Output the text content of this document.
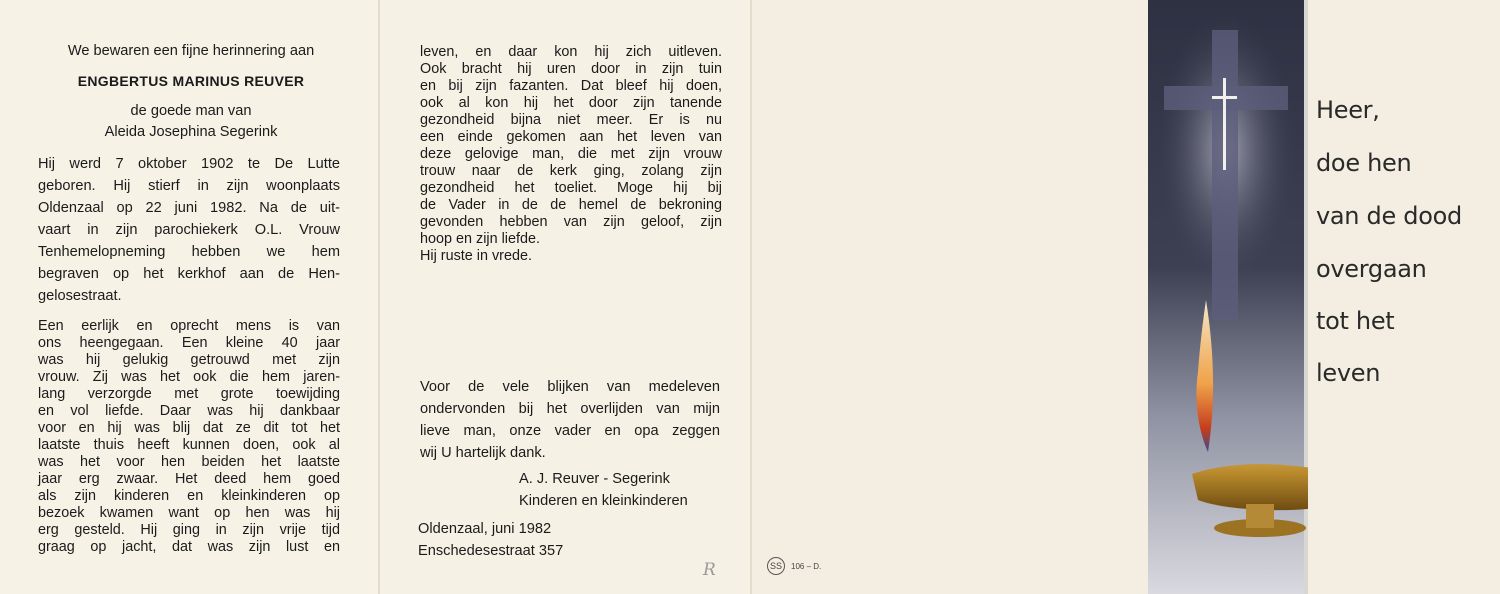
We bewaren een fijne herinnering aan

ENGBERTUS MARINUS REUVER

de goede man van

Aleida Josephina Segerink

Hij werd 7 oktober 1902 te De Lutte
geboren. Hij stierf in zijn woonplaats
Oldenzaal op 22 juni 1982. Na de uit-
vaart in zijn parochiekerk O.L. Vrouw
Tenhemelopneming hebben we hem
begraven op het kerkhof aan de Hen-
gelosestraat.
Een eerlijk en oprecht mens is van
ons heengegaan. Een kleine 40 jaar
was hij gelukig getrouwd met zijn
vrouw. Zij was het ook die hem jaren-
lang verzorgde met grote toewijding
en vol liefde. Daar was hij dankbaar
voor en hij was blij dat ze dit tot het
laatste thuis heeft kunnen doen, ook al
was het voor hen beiden het laatste
jaar erg zwaar. Het deed hem goed
als zijn kinderen en kleinkinderen op
bezoek kwamen want op hen was hij
erg gesteld. Hij ging in zijn vrije tijd
graag op jacht, dat was zijn lust en
leven, en daar kon hij zich uitleven.
Ook bracht hij uren door in zijn tuin
en bij zijn fazanten. Dat bleef hij doen,
ook al kon hij het door zijn tanende
gezondheid bijna niet meer. Er is nu
een einde gekomen aan het leven van
deze gelovige man, die met zijn vrouw
trouw naar de kerk ging, zolang zijn
gezondheid het toeliet. Moge hij bij
de Vader in de de hemel de bekroning
gevonden hebben van zijn geloof, zijn
hoop en zijn liefde.
Hij ruste in vrede.
Voor de vele blijken van medeleven
ondervonden bij het overlijden van mijn
lieve man, onze vader en opa zeggen
wij U hartelijk dank.

A. J. Reuver - Segerink

Kinderen en kleinkinderen

Oldenzaal, juni 1982

Enschedesestraat 357

R	SS	106 – D.
Heer,
doe hen
van de dood
overgaan
tot het
leven
